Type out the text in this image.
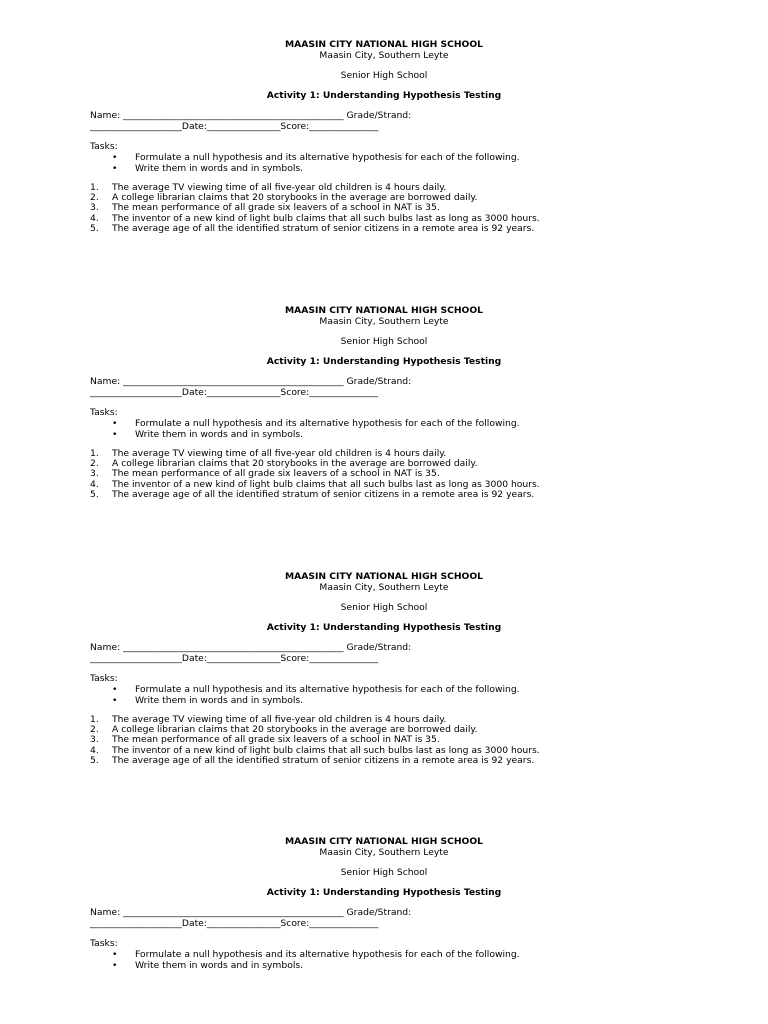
MAASIN CITY NATIONAL HIGH SCHOOL
Maasin City, Southern Leyte
Senior High School
Activity 1: Understanding Hypothesis Testing
Name: ________________________________________________ Grade/Strand:
____________________Date:________________Score:_______________
Tasks:
• Formulate a null hypothesis and its alternative hypothesis for each of the following.
• Write them in words and in symbols.
1. The average TV viewing time of all five-year old children is 4 hours daily.
2. A college librarian claims that 20 storybooks in the average are borrowed daily.
3. The mean performance of all grade six leavers of a school in NAT is 35.
4. The inventor of a new kind of light bulb claims that all such bulbs last as long as 3000 hours.
5. The average age of all the identified stratum of senior citizens in a remote area is 92 years.
MAASIN CITY NATIONAL HIGH SCHOOL
Maasin City, Southern Leyte
Senior High School
Activity 1: Understanding Hypothesis Testing
Name: ________________________________________________ Grade/Strand:
____________________Date:________________Score:_______________
Tasks:
• Formulate a null hypothesis and its alternative hypothesis for each of the following.
• Write them in words and in symbols.
1. The average TV viewing time of all five-year old children is 4 hours daily.
2. A college librarian claims that 20 storybooks in the average are borrowed daily.
3. The mean performance of all grade six leavers of a school in NAT is 35.
4. The inventor of a new kind of light bulb claims that all such bulbs last as long as 3000 hours.
5. The average age of all the identified stratum of senior citizens in a remote area is 92 years.
MAASIN CITY NATIONAL HIGH SCHOOL
Maasin City, Southern Leyte
Senior High School
Activity 1: Understanding Hypothesis Testing
Name: ________________________________________________ Grade/Strand:
____________________Date:________________Score:_______________
Tasks:
• Formulate a null hypothesis and its alternative hypothesis for each of the following.
• Write them in words and in symbols.
1. The average TV viewing time of all five-year old children is 4 hours daily.
2. A college librarian claims that 20 storybooks in the average are borrowed daily.
3. The mean performance of all grade six leavers of a school in NAT is 35.
4. The inventor of a new kind of light bulb claims that all such bulbs last as long as 3000 hours.
5. The average age of all the identified stratum of senior citizens in a remote area is 92 years.
MAASIN CITY NATIONAL HIGH SCHOOL
Maasin City, Southern Leyte
Senior High School
Activity 1: Understanding Hypothesis Testing
Name: ________________________________________________ Grade/Strand:
____________________Date:________________Score:_______________
Tasks:
• Formulate a null hypothesis and its alternative hypothesis for each of the following.
• Write them in words and in symbols.
